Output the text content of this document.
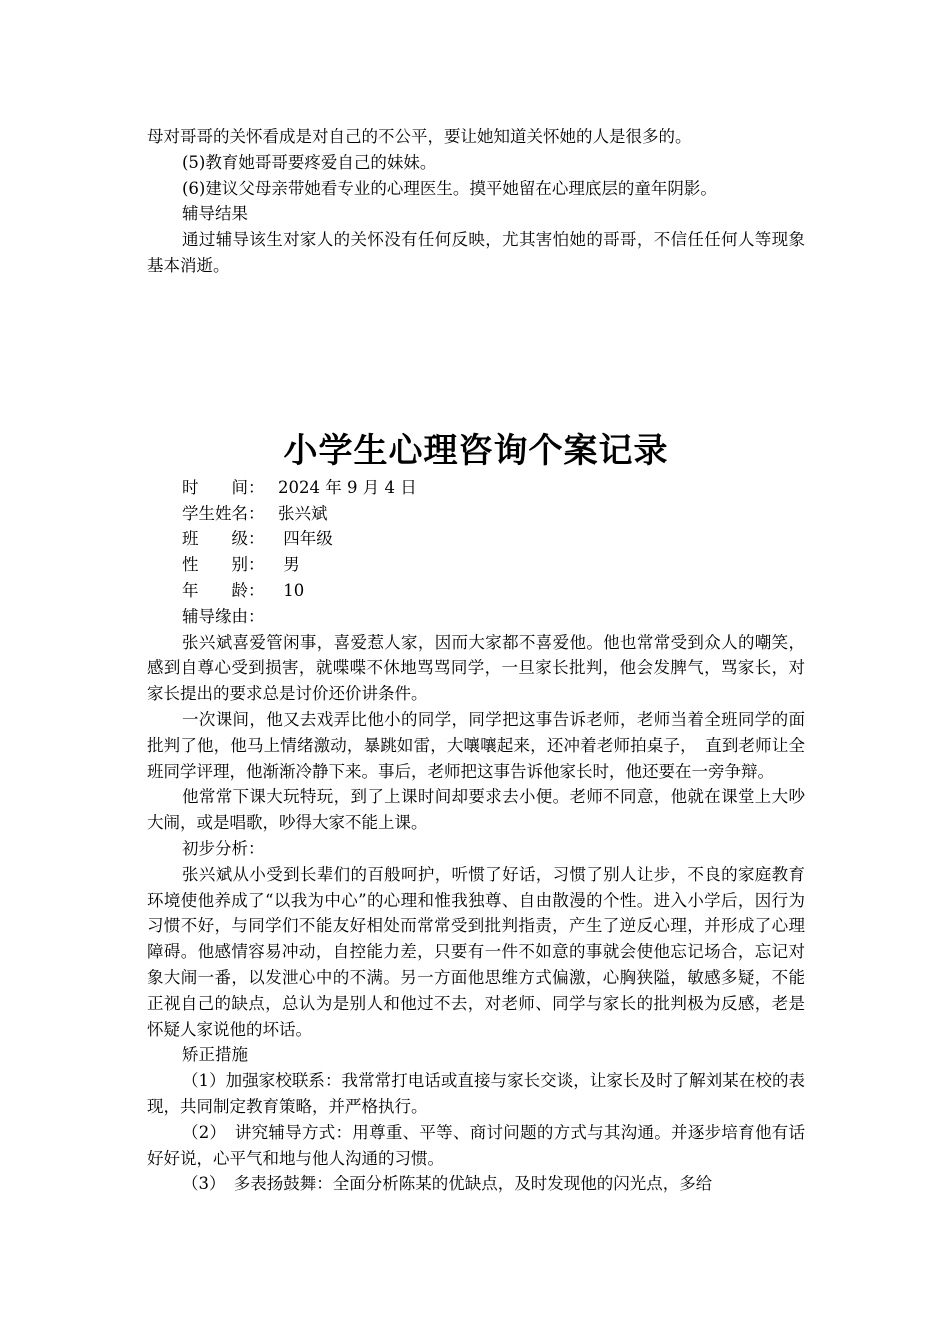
母对哥哥的关怀看成是对自己的不公平，要让她知道关怀她的人是很多的。

(5)教育她哥哥要疼爱自己的妹妹。

(6)建议父母亲带她看专业的心理医生。摸平她留在心理底层的童年阴影。

辅导结果

通过辅导该生对家人的关怀没有任何反映，尤其害怕她的哥哥，不信任任何人等现象基本消逝。

小学生心理咨询个案记录

时　　间： 2024 年 9 月 4 日

学生姓名： 张兴斌

班　　级： 四年级

性　　别： 男

年　　龄： 10

辅导缘由：

张兴斌喜爱管闲事，喜爱惹人家，因而大家都不喜爱他。他也常常受到众人的嘲笑，感到自尊心受到损害，就喋喋不休地骂骂同学，一旦家长批判，他会发脾气，骂家长，对家长提出的要求总是讨价还价讲条件。

一次课间，他又去戏弄比他小的同学，同学把这事告诉老师，老师当着全班同学的面批判了他，他马上情绪激动，暴跳如雷，大嚷嚷起来，还冲着老师拍桌子，　直到老师让全班同学评理，他渐渐冷静下来。事后，老师把这事告诉他家长时，他还要在一旁争辩。

他常常下课大玩特玩，到了上课时间却要求去小便。老师不同意，他就在课堂上大吵大闹，或是唱歌，吵得大家不能上课。

初步分析：

张兴斌从小受到长辈们的百般呵护，听惯了好话，习惯了别人让步，不良的家庭教育环境使他养成了“以我为中心”的心理和惟我独尊、自由散漫的个性。进入小学后，因行为习惯不好，与同学们不能友好相处而常常受到批判指责，产生了逆反心理，并形成了心理障碍。他感情容易冲动，自控能力差，只要有一件不如意的事就会使他忘记场合，忘记对象大闹一番，以发泄心中的不满。另一方面他思维方式偏激，心胸狭隘，敏感多疑，不能正视自己的缺点，总认为是别人和他过不去，对老师、同学与家长的批判极为反感，老是怀疑人家说他的坏话。

矫正措施

（1）加强家校联系：我常常打电话或直接与家长交谈，让家长及时了解刘某在校的表现，共同制定教育策略，并严格执行。

（2）　讲究辅导方式：用尊重、平等、商讨问题的方式与其沟通。并逐步培育他有话好好说，心平气和地与他人沟通的习惯。

（3）　多表扬鼓舞：全面分析陈某的优缺点，及时发现他的闪光点，多给
